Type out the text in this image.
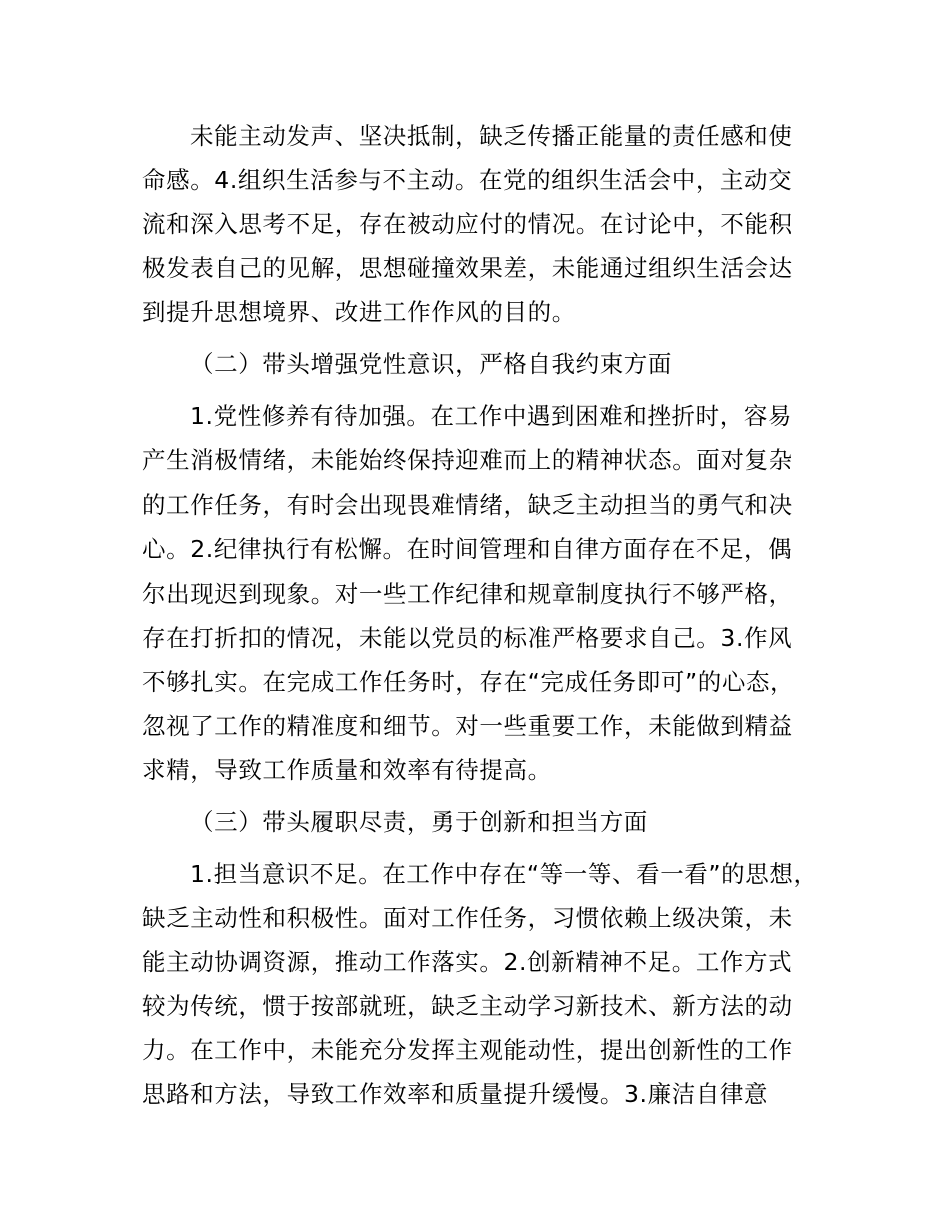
未能主动发声、坚决抵制，缺乏传播正能量的责任感和使
命感。4.组织生活参与不主动。在党的组织生活会中，主动交
流和深入思考不足，存在被动应付的情况。在讨论中，不能积
极发表自己的见解，思想碰撞效果差，未能通过组织生活会达
到提升思想境界、改进工作作风的目的。
（二）带头增强党性意识，严格自我约束方面
1.党性修养有待加强。在工作中遇到困难和挫折时，容易
产生消极情绪，未能始终保持迎难而上的精神状态。面对复杂
的工作任务，有时会出现畏难情绪，缺乏主动担当的勇气和决
心。2.纪律执行有松懈。在时间管理和自律方面存在不足，偶
尔出现迟到现象。对一些工作纪律和规章制度执行不够严格，
存在打折扣的情况，未能以党员的标准严格要求自己。3.作风
不够扎实。在完成工作任务时，存在“完成任务即可”的心态，
忽视了工作的精准度和细节。对一些重要工作，未能做到精益
求精，导致工作质量和效率有待提高。
（三）带头履职尽责，勇于创新和担当方面
1.担当意识不足。在工作中存在“等一等、看一看”的思想，
缺乏主动性和积极性。面对工作任务，习惯依赖上级决策，未
能主动协调资源，推动工作落实。2.创新精神不足。工作方式
较为传统，惯于按部就班，缺乏主动学习新技术、新方法的动
力。在工作中，未能充分发挥主观能动性，提出创新性的工作
思路和方法，导致工作效率和质量提升缓慢。3.廉洁自律意
